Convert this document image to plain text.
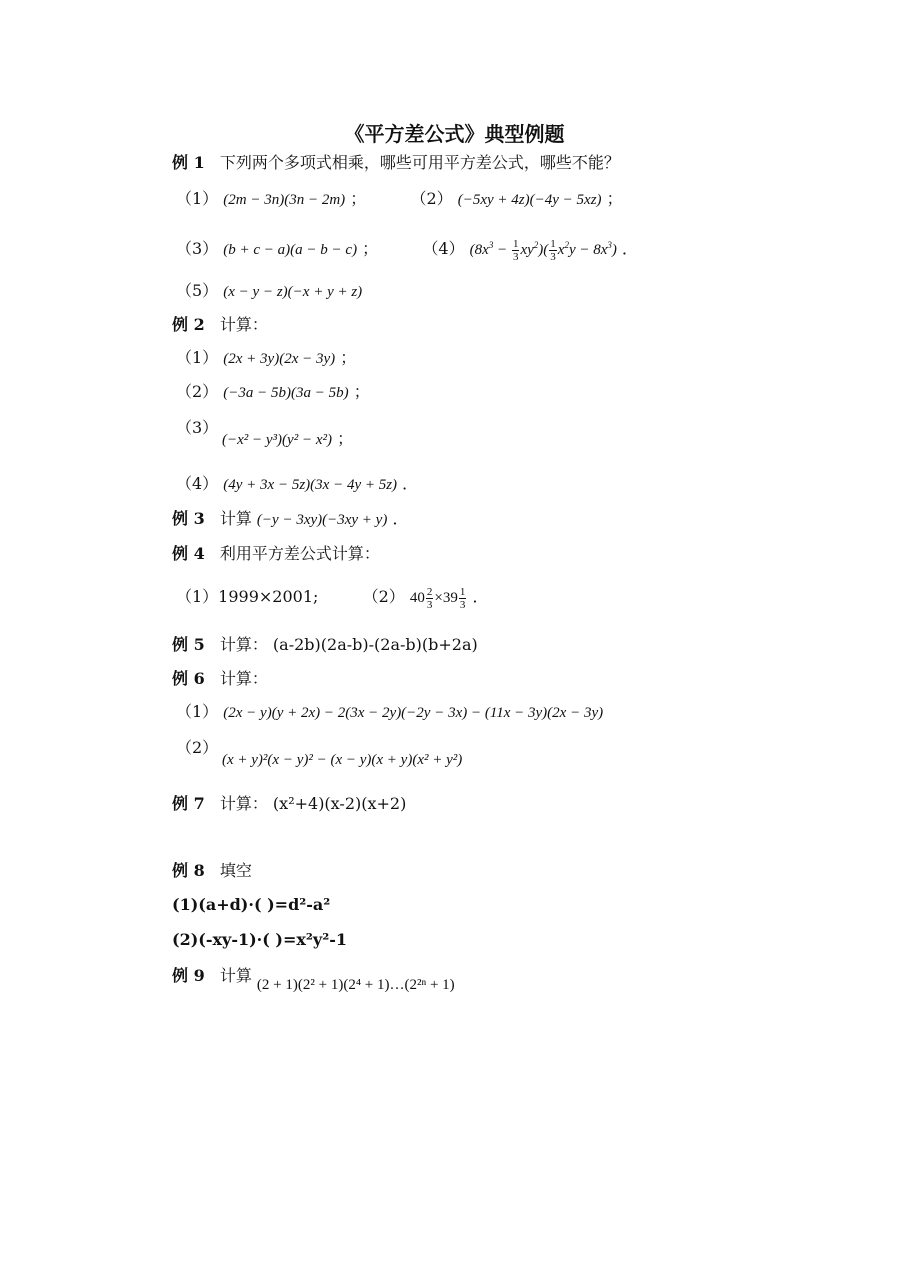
《平方差公式》典型例题
例 1 下列两个多项式相乘，哪些可用平方差公式，哪些不能？
（1） (2m − 3n)(3n − 2m) ；	（2） (−5xy + 4z)(−4y − 5xz) ；
（3） (b + c − a)(a − b − c) ；	（4） $(8x^3 - \frac{1}{3} xy^2)( \frac{1}{3} x^2y - 8x^3)$ ．
（5） (x − y − z)(−x + y + z)
例 2 计算：
（1） (2x + 3y)(2x − 3y) ；
（2） (−3a − 5b)(3a − 5b) ；
（3）
(−x² − y³)(y² − x²) ；
（4） (4y + 3x − 5z)(3x − 4y + 5z) ．
例 3 计算 (−y − 3xy)(−3xy + y) ．
例 4 利用平方差公式计算：
（1）1999×2001;	（2） $40 \frac{2}{3} \times 39 \frac{1}{3}$ ．
例 5 计算： (a-2b)(2a-b)-(2a-b)(b+2a)
例 6 计算：
（1） (2x − y)(y + 2x) − 2(3x − 2y)(−2y − 3x) − (11x − 3y)(2x − 3y)
（2）
(x + y)²(x − y)² − (x − y)(x + y)(x² + y²)
例 7 计算： (x²+4)(x-2)(x+2)
例 8 填空
(1)(a+d)·( )=d²-a²
(2)(-xy-1)·( )=x²y²-1
例 9 计算 (2 + 1)(2² + 1)(2⁴ + 1)…(2²ⁿ + 1)
